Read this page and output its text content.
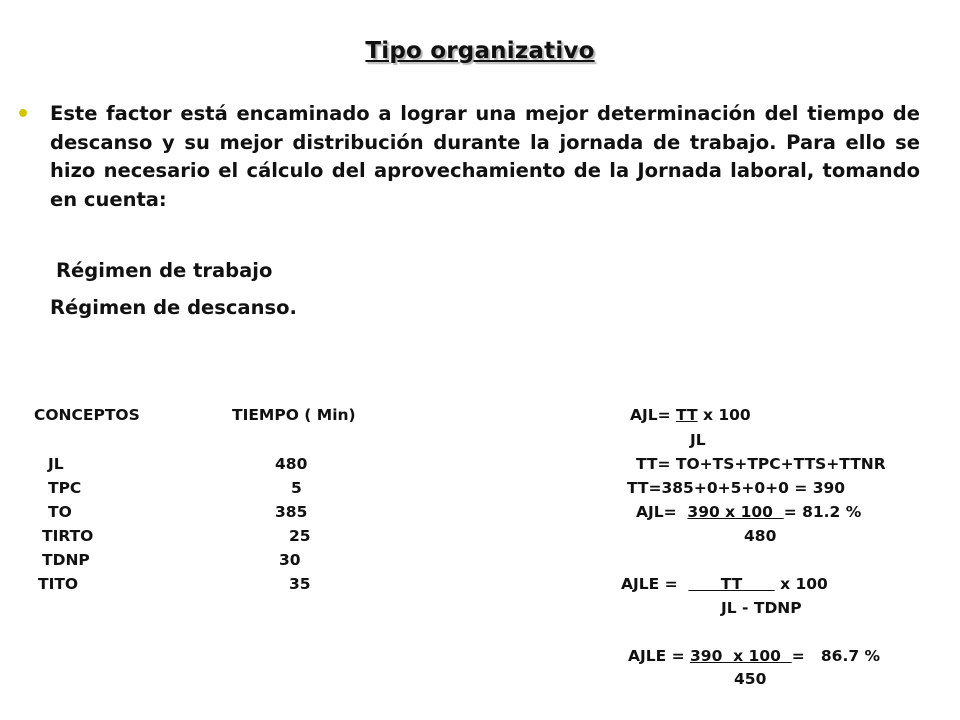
Tipo organizativo
• Este factor está encaminado a lograr una mejor determinación del tiempo de descanso y su mejor distribución durante la jornada de trabajo. Para ello se hizo necesario el cálculo del aprovechamiento de la Jornada laboral, tomando en cuenta:
Régimen de trabajo
Régimen de descanso.
CONCEPTOS	TIEMPO ( Min)
JL	480
TPC	5
TO	385
TIRTO	25
TDNP	30
TITO	35
AJL= TT x 100
JL
TT= TO+TS+TPC+TTS+TTNR
TT=385+0+5+0+0 = 390
AJL=  390 x 100  = 81.2 %
480
AJLE =        TT       x 100
JL - TDNP
AJLE = 390  x 100  =   86.7 %
450
